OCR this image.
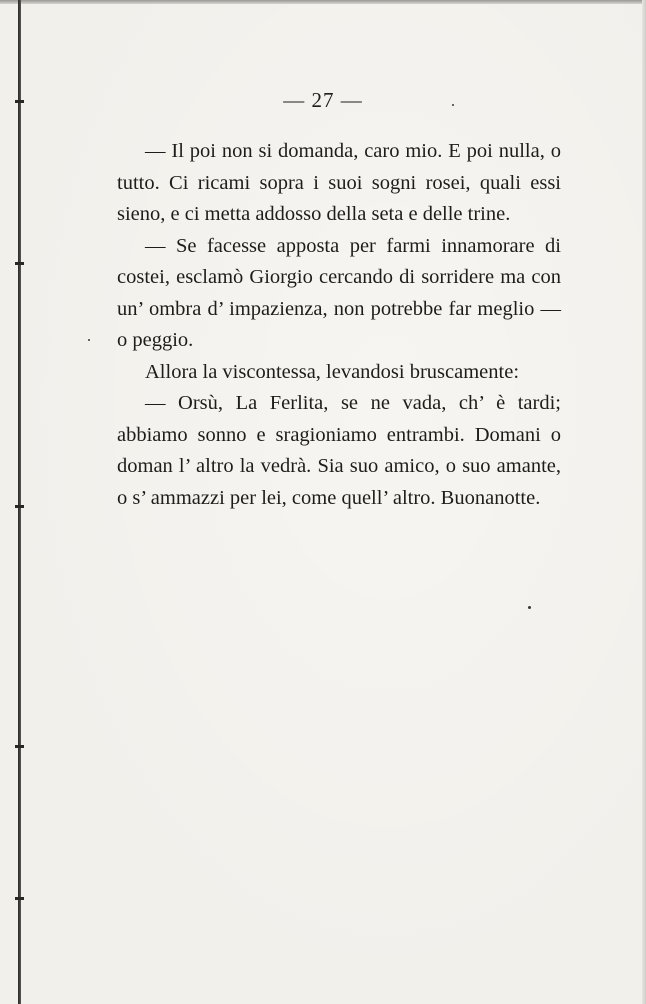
— 27 —

— Il poi non si domanda, caro mio. E poi nulla, o tutto. Ci ricami sopra i suoi sogni rosei, quali essi sieno, e ci metta addosso della seta e delle trine.

— Se facesse apposta per farmi innamorare di costei, esclamò Giorgio cercando di sorridere ma con un’ ombra d’ impazienza, non potrebbe far meglio — o peggio.

Allora la viscontessa, levandosi bruscamente:

— Orsù, La Ferlita, se ne vada, ch’ è tardi; abbiamo sonno e sragioniamo entrambi. Domani o doman l’ altro la vedrà. Sia suo amico, o suo amante, o s’ ammazzi per lei, come quell’ altro. Buonanotte.
